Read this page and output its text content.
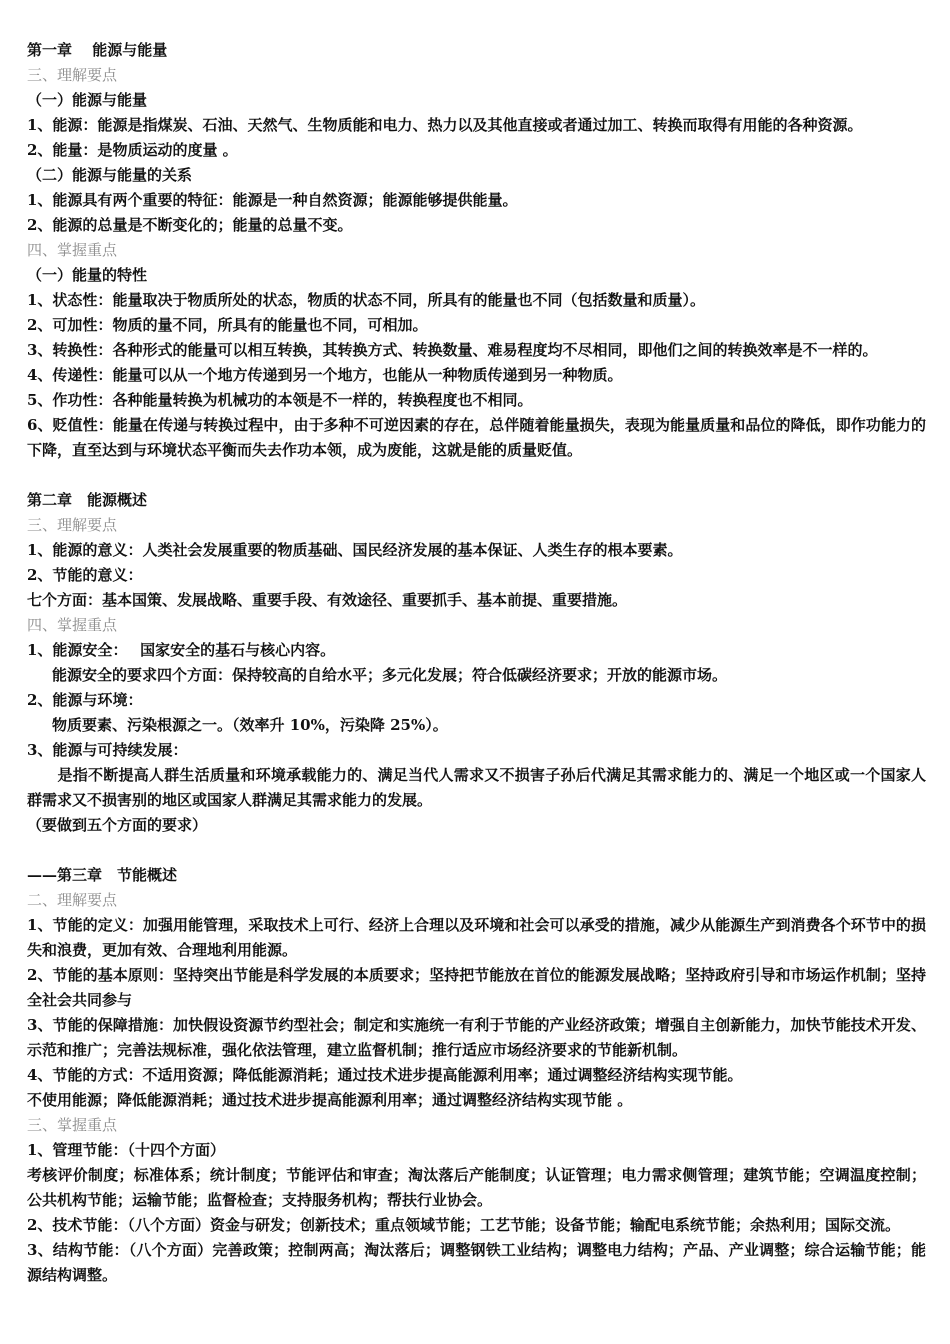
第一章　 能源与能量

三、理解要点

（一）能源与能量

1、能源：能源是指煤炭、石油、天然气、生物质能和电力、热力以及其他直接或者通过加工、转换而取得有用能的各种资源。

2、能量：是物质运动的度量 。

（二）能源与能量的关系

1、能源具有两个重要的特征：能源是一种自然资源；能源能够提供能量。

2、能源的总量是不断变化的；能量的总量不变。

四、掌握重点

（一）能量的特性

1、状态性：能量取决于物质所处的状态，物质的状态不同，所具有的能量也不同（包括数量和质量）。

2、可加性：物质的量不同，所具有的能量也不同，可相加。

3、转换性：各种形式的能量可以相互转换，其转换方式、转换数量、难易程度均不尽相同，即他们之间的转换效率是不一样的。

4、传递性：能量可以从一个地方传递到另一个地方，也能从一种物质传递到另一种物质。

5、作功性：各种能量转换为机械功的本领是不一样的，转换程度也不相同。

6、贬值性：能量在传递与转换过程中，由于多种不可逆因素的存在，总伴随着能量损失，表现为能量质量和品位的降低，即作功能力的下降，直至达到与环境状态平衡而失去作功本领，成为废能，这就是能的质量贬值。

第二章　能源概述

三、理解要点

1、能源的意义：人类社会发展重要的物质基础、国民经济发展的基本保证、人类生存的根本要素。

2、节能的意义：

七个方面：基本国策、发展战略、重要手段、有效途径、重要抓手、基本前提、重要措施。

四、掌握重点

1、能源安全：　 国家安全的基石与核心内容。

能源安全的要求四个方面：保持较高的自给水平；多元化发展；符合低碳经济要求；开放的能源市场。

2、能源与环境：

物质要素、污染根源之一。（效率升 10%，污染降 25%）。

3、能源与可持续发展：

　　是指不断提高人群生活质量和环境承载能力的、满足当代人需求又不损害子孙后代满足其需求能力的、满足一个地区或一个国家人群需求又不损害别的地区或国家人群满足其需求能力的发展。

（要做到五个方面的要求）

——第三章　节能概述

二、理解要点

1、节能的定义：加强用能管理，采取技术上可行、经济上合理以及环境和社会可以承受的措施，减少从能源生产到消费各个环节中的损失和浪费，更加有效、合理地利用能源。

2、节能的基本原则：坚持突出节能是科学发展的本质要求；坚持把节能放在首位的能源发展战略；坚持政府引导和市场运作机制；坚持全社会共同参与

3、节能的保障措施：加快假设资源节约型社会；制定和实施统一有利于节能的产业经济政策；增强自主创新能力，加快节能技术开发、示范和推广；完善法规标准，强化依法管理，建立监督机制；推行适应市场经济要求的节能新机制。

4、节能的方式：不适用资源；降低能源消耗；通过技术进步提高能源利用率；通过调整经济结构实现节能。

不使用能源；降低能源消耗；通过技术进步提高能源利用率；通过调整经济结构实现节能 。

三、掌握重点

1、管理节能：（十四个方面）

考核评价制度；标准体系；统计制度；节能评估和审查；淘汰落后产能制度；认证管理；电力需求侧管理；建筑节能；空调温度控制；公共机构节能；运输节能；监督检查；支持服务机构；帮扶行业协会。

2、技术节能：（八个方面）资金与研发；创新技术；重点领域节能；工艺节能；设备节能；输配电系统节能；余热利用；国际交流。

3、结构节能：（八个方面）完善政策；控制两高；淘汰落后；调整钢铁工业结构；调整电力结构；产品、产业调整；综合运输节能；能源结构调整。
